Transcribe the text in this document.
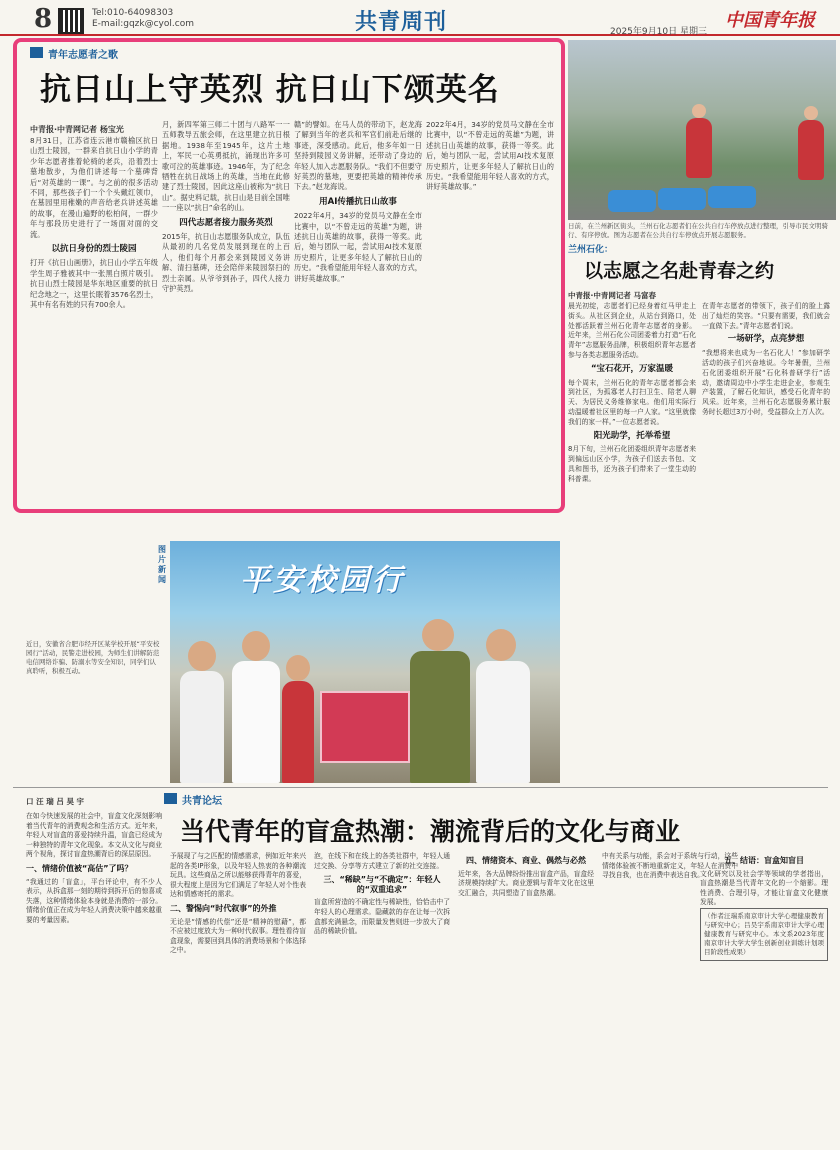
8	Tel:010-64098303
E-mail:gqzk@cyol.com	共青周刊	2025年9月10日 星期三
中国青年报
青年志愿者之歌
抗日山上守英烈 抗日山下颂英名
中青报·中青网记者 杨宝光

8月31日，江苏省连云港市赣榆区抗日山烈士陵园，一群来自抗日山小学的青少年志愿者推着轮椅的老兵，沿着烈士墓地散步，为他们讲述每一个墓碑背后“对英雄的一课”。与之前的很多活动不同，那些孩子们一个个头戴红领巾，在墓园里用稚嫩的声音给老兵讲述英雄的故事，在漫山遍野的松柏间，一群少年与那段历史进行了一场面对面的交流。

以抗日身份的烈士陵园

打开《抗日山画册》，抗日山小学五年级学生周子雅被其中一张黑白照片吸引。抗日山烈士陵园是华东地区重要的抗日纪念地之一，这里长眠着3576名烈士，其中有名有姓的只有700余人。

月，新四军第三师二十团与八路军一一五师教导五旅会师，在这里建立抗日根据地。1938年至1945年，这片土地上，军民一心英勇抵抗，涌现出许多可歌可泣的英雄事迹。1946年，为了纪念牺牲在抗日战场上的英雄，当地在此修建了烈士陵园，因此这座山被称为“抗日山”。据史料记载，抗日山是目前全国唯一一座以“抗日”命名的山。

四代志愿者接力服务英烈

2015年，抗日山志愿服务队成立，队伍从最初的几名党员发展到现在的上百人，他们每个月都会来到陵园义务讲解、清扫墓碑，还会陪伴来陵园祭扫的烈士亲属。从爷爷到孙子，四代人接力守护英烈。

赣”的譬如。在马人员的带动下，赵龙海了解到当年的老兵和军官们前赴后继的事迹，深受感动。此后，他多年如一日坚持到陵园义务讲解，还带动了身边的年轻人加入志愿服务队。“我们不但要守好英烈的墓地，更要把英雄的精神传承下去。”赵龙海说。

用AI传播抗日山故事

2022年4月，34岁的党员马文静在全市比赛中，以“不曾走远的英雄”为题，讲述抗日山英雄的故事，获得一等奖。此后，她与团队一起，尝试用AI技术复原历史照片，让更多年轻人了解抗日山的历史。“我希望能用年轻人喜欢的方式，讲好英雄故事。”

2022年4月，34岁的党员马文静在全市比赛中，以“不曾走远的英雄”为题，讲述抗日山英雄的故事，获得一等奖。此后，她与团队一起，尝试用AI技术复原历史照片，让更多年轻人了解抗日山的历史。“我希望能用年轻人喜欢的方式，讲好英雄故事。”

日前，在兰州新区街头，兰州石化志愿者们在公共自行车停放点进行整理，引导市民文明骑行、有序停放。图为志愿者在公共自行车停放点开展志愿服务。
兰州石化：
以志愿之名赴青春之约
中青报·中青网记者 马富春

晨光初绽，志愿者们已经身着红马甲走上街头。从社区到企业，从站台到路口，处处都活跃着兰州石化青年志愿者的身影。近年来，兰州石化公司团委着力打造“石化青年”志愿服务品牌，积极组织青年志愿者参与各类志愿服务活动。

“宝石花开，万家温暖

每个周末，兰州石化的青年志愿者都会来到社区，为孤寡老人打扫卫生、陪老人聊天、为居民义务维修家电。他们用实际行动温暖着社区里的每一户人家。“这里就像我们的家一样。”一位志愿者说。

阳光助学，托举希望

8月下旬，兰州石化团委组织青年志愿者来到偏远山区小学，为孩子们送去书包、文具和图书，还为孩子们带来了一堂生动的科普课。

在青年志愿者的带领下，孩子们的脸上露出了灿烂的笑容。“只要有需要，我们就会一直做下去。”青年志愿者们说。

一场研学，点亮梦想

“我想将来也成为一名石化人！”参加研学活动的孩子们兴奋地说。今年暑假，兰州石化团委组织开展“石化科普研学行”活动，邀请周边中小学生走进企业，参观生产装置，了解石化知识，感受石化青年的风采。近年来，兰州石化志愿服务累计服务时长超过3万小时，受益群众上万人次。

图片新闻
近日，安徽省合肥市经开区某学校开展“平安校园行”活动，民警走进校园，为师生们讲解防范电信网络诈骗、防溺水等安全知识，同学们认真聆听，积极互动。
平安校园行
口 汪 瑞 吕 昊 宇	共青论坛
当代青年的盲盒热潮：潮流背后的文化与商业

在如今快速发展的社会中，盲盒文化深刻影响着当代青年的消费观念和生活方式。近年来，年轻人对盲盒的喜爱持续升温，盲盒已经成为一种独特的青年文化现象。本文从文化与商业两个视角，探讨盲盒热潮背后的深层原因。

一、情绪价值被“高估”了吗？

“我通过的「盲盒」，平台评论中，有不少人表示，从拆盒那一刻的期待到拆开后的惊喜或失落，这种情绪体验本身就是消费的一部分。情绪价值正在成为年轻人消费决策中越来越重要的考量因素。

予展现了与之匹配的情感需求，例如近年来兴起的各类IP形象，以及年轻人热衷的各种潮流玩具。这些商品之所以能够获得青年的喜爱，很大程度上是因为它们满足了年轻人对个性表达和情感寄托的需求。

二、警惕向“时代叙事”的外推

无论是“情感的代偿”还是“精神的慰藉”，都不应被过度放大为一种时代叙事。理性看待盲盒现象，需要回到具体的消费场景和个体选择之中。

泡，在线下和在线上的各类社群中，年轻人通过交换、分享等方式建立了新的社交连接。

三、“稀缺”与“不确定”：年轻人的“双重追求”

盲盒所营造的不确定性与稀缺性，恰恰击中了年轻人的心理需求。隐藏款的存在让每一次拆盒都充满悬念，而限量发售则进一步放大了商品的稀缺价值。

四、情绪资本、商业、偶然与必然

近年来，各大品牌纷纷推出盲盒产品，盲盒经济规模持续扩大。商业逻辑与青年文化在这里交汇融合，共同塑造了盲盒热潮。

中有关系与功能，系会对于系统与行动，这些情绪体验被不断地重新定义，年轻人在消费中寻找自我，也在消费中表达自我。

五、结语：盲盒知盲目

文化研究以及社会学等领域的学者指出，盲盒热潮是当代青年文化的一个缩影。理性消费、合理引导，才能让盲盒文化健康发展。

（作者汪瑞系南京审计大学心理健康教育与研究中心；吕昊宇系南京审计大学心理健康教育与研究中心。本文系2023年度南京审计大学大学生创新创业训练计划项目阶段性成果）
